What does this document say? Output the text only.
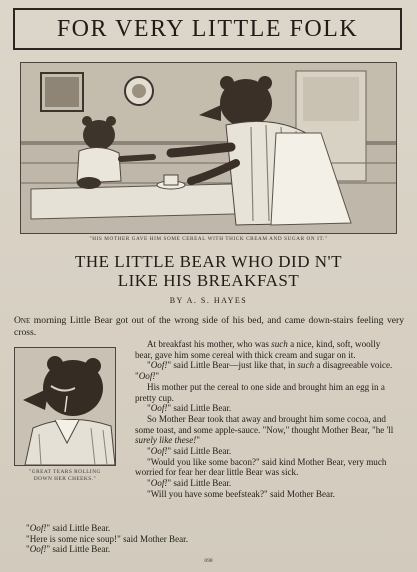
FOR VERY LITTLE FOLK
"HIS MOTHER GAVE HIM SOME CEREAL WITH THICK CREAM AND SUGAR ON IT."
THE LITTLE BEAR WHO DID N'T
LIKE HIS BREAKFAST
BY A. S. HAYES
One morning Little Bear got out of the wrong side of his bed, and came down-stairs feeling very cross.

At breakfast his mother, who was such a nice, kind, soft, woolly bear, gave him some cereal with thick cream and sugar on it.

"Oof!" said Little Bear—just like that, in such a disagreeable voice. "Oof!"

His mother put the cereal to one side and brought him an egg in a pretty cup.

"Oof!" said Little Bear.

So Mother Bear took that away and brought him some cocoa, and some toast, and some apple-sauce. "Now," thought Mother Bear, "he 'll surely like these!"

"Oof!" said Little Bear.

"Would you like some bacon?" said kind Mother Bear, very much worried for fear her dear little Bear was sick.

"Oof!" said Little Bear.

"Will you have some beefsteak?" said Mother Bear.

"GREAT TEARS ROLLING
DOWN HER CHEEKS."

"Oof!" said Little Bear.

"Here is some nice soup!" said Mother Bear.

"Oof!" said Little Bear.

698
